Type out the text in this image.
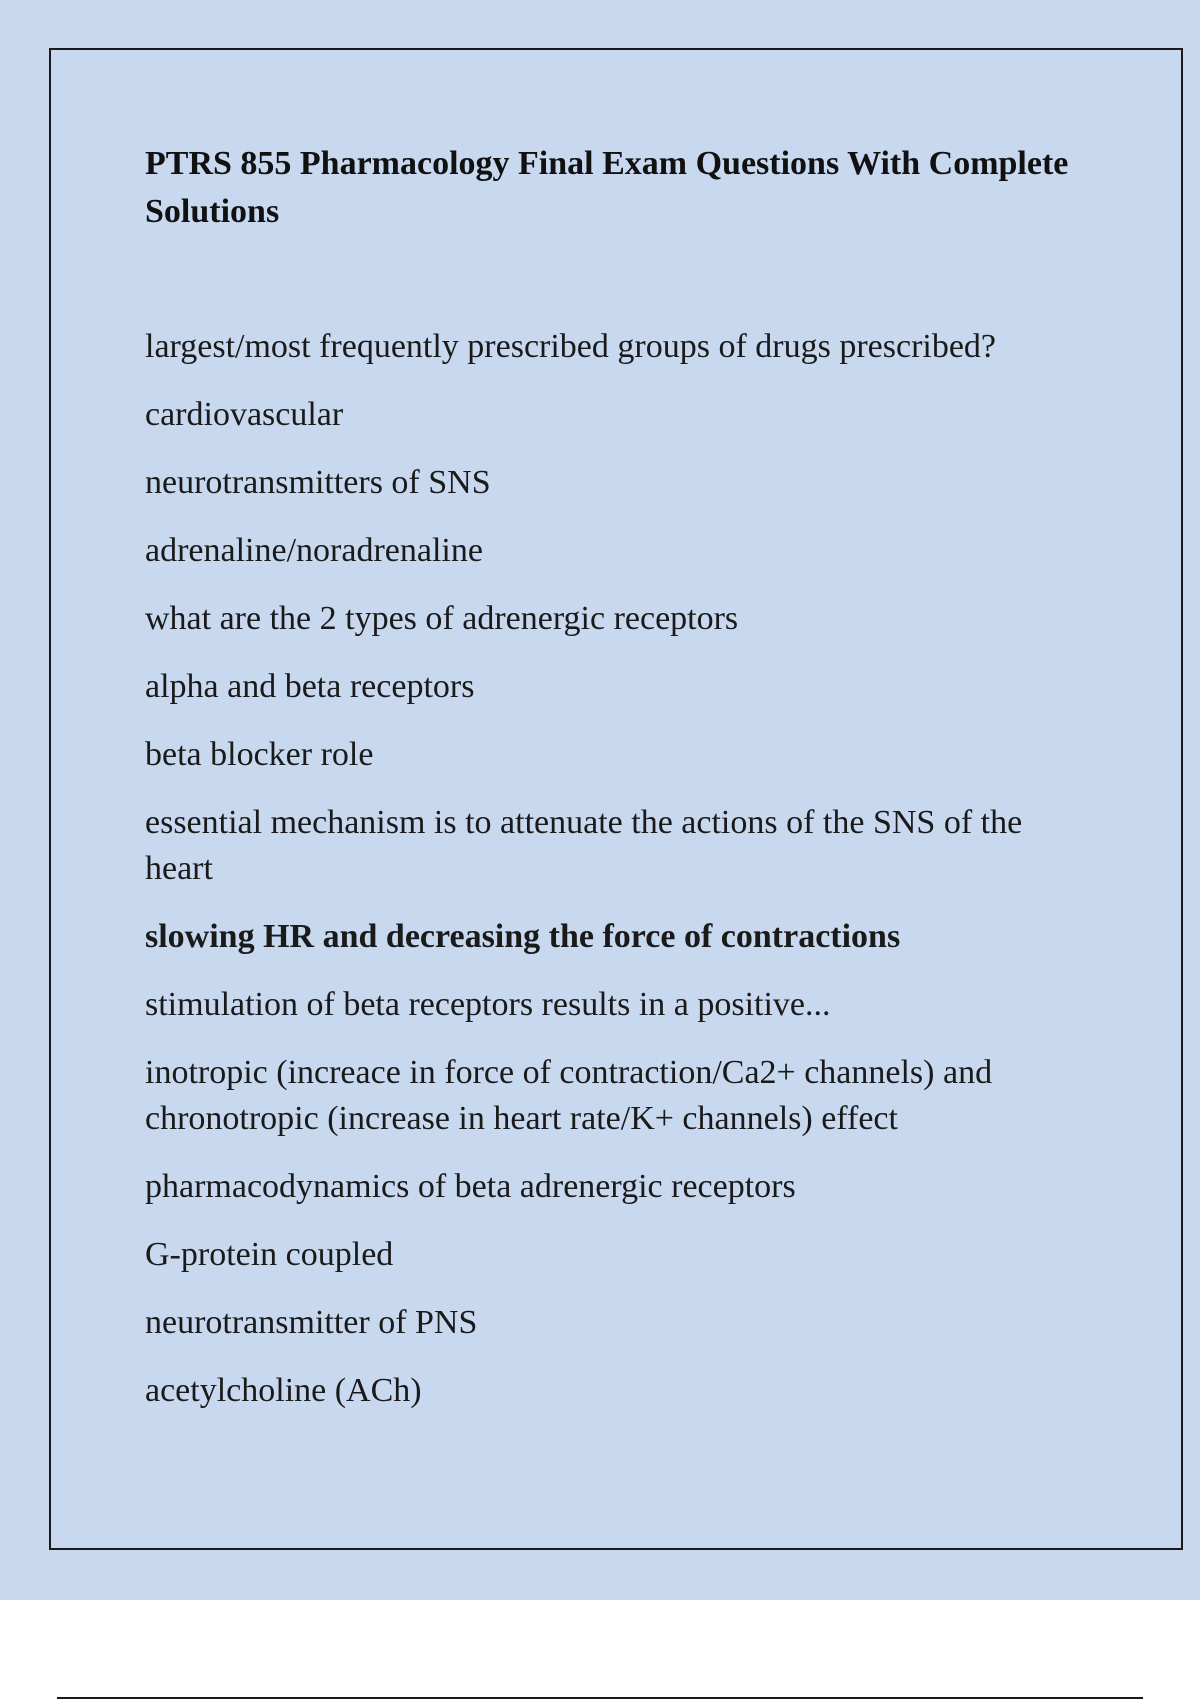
PTRS 855 Pharmacology Final Exam Questions With Complete Solutions

largest/most frequently prescribed groups of drugs prescribed?

cardiovascular

neurotransmitters of SNS

adrenaline/noradrenaline

what are the 2 types of adrenergic receptors

alpha and beta receptors

beta blocker role

essential mechanism is to attenuate the actions of the SNS of the heart

slowing HR and decreasing the force of contractions

stimulation of beta receptors results in a positive...

inotropic (increace in force of contraction/Ca2+ channels) and chronotropic (increase in heart rate/K+ channels) effect

pharmacodynamics of beta adrenergic receptors

G-protein coupled

neurotransmitter of PNS

acetylcholine (ACh)
